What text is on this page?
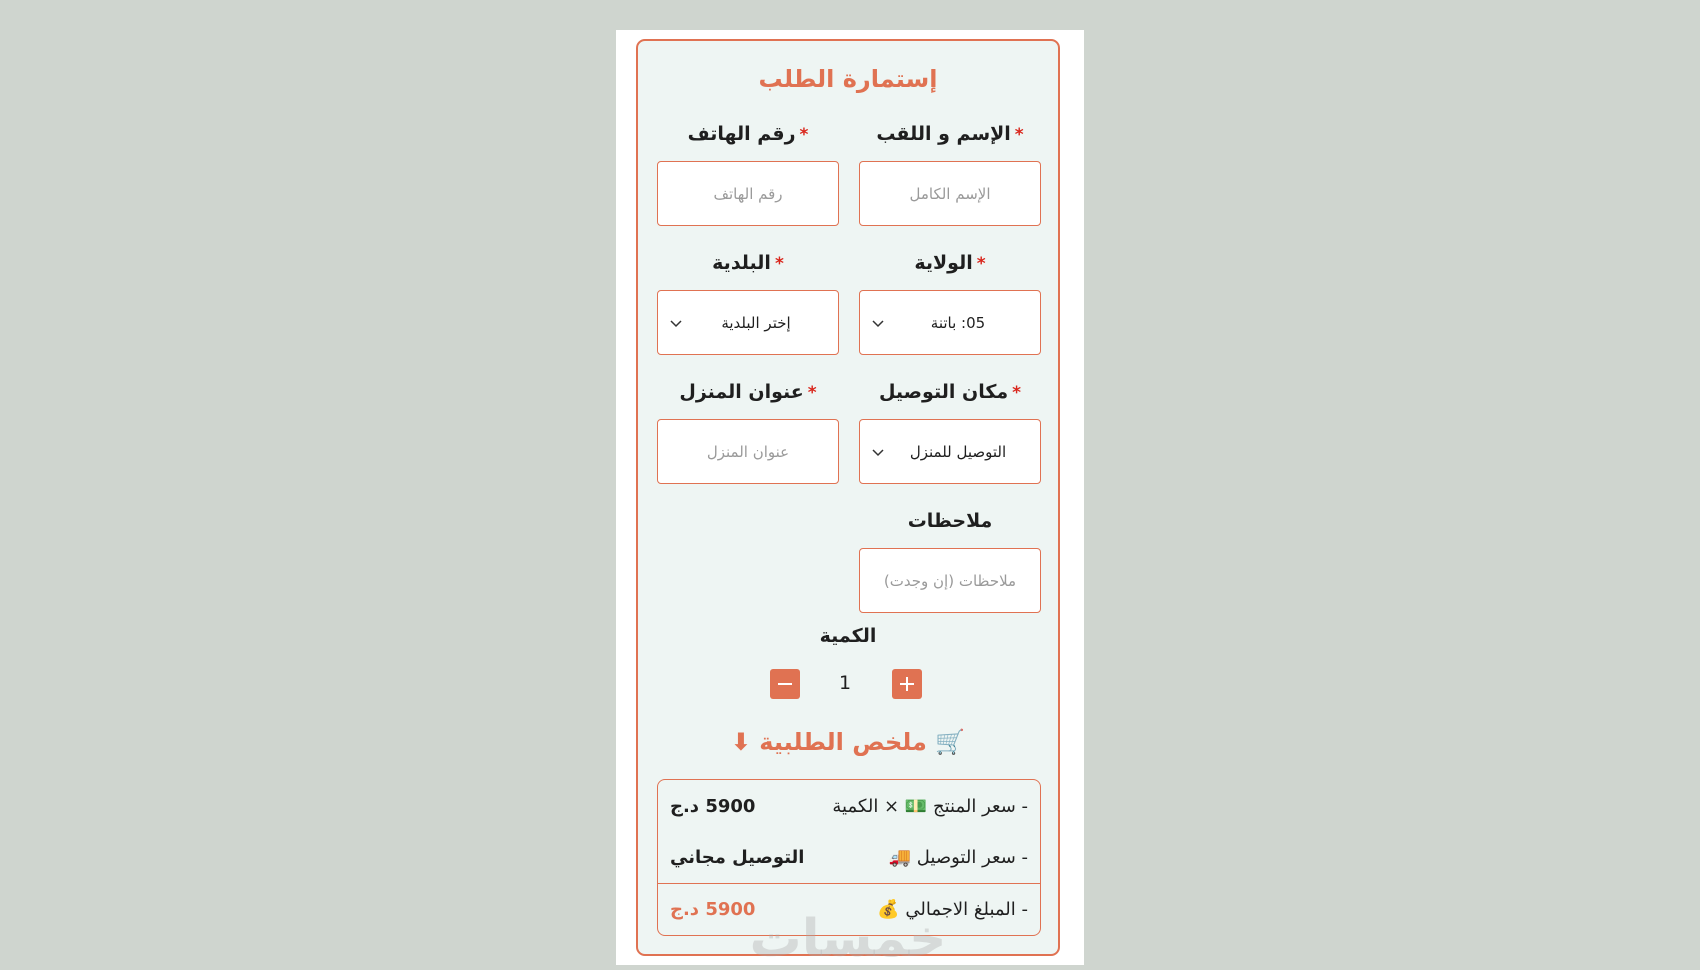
إستمارة الطلب
*الإسم و اللقب
*رقم الهاتف
الإسم الكامل
رقم الهاتف
*الولاية
*البلدية
05: باتنة
إختر البلدية
*مكان التوصيل
*عنوان المنزل
التوصيل للمنزل
عنوان المنزل
ملاحظات
ملاحظات (إن وجدت)
الكمية
1
🛒 ملخص الطلبية ⬇
- سعر المنتج 💵 × الكمية
5900 د.ج
- سعر التوصيل 🚚
التوصيل مجاني
- المبلغ الاجمالي 💰
5900 د.ج
خمسات
